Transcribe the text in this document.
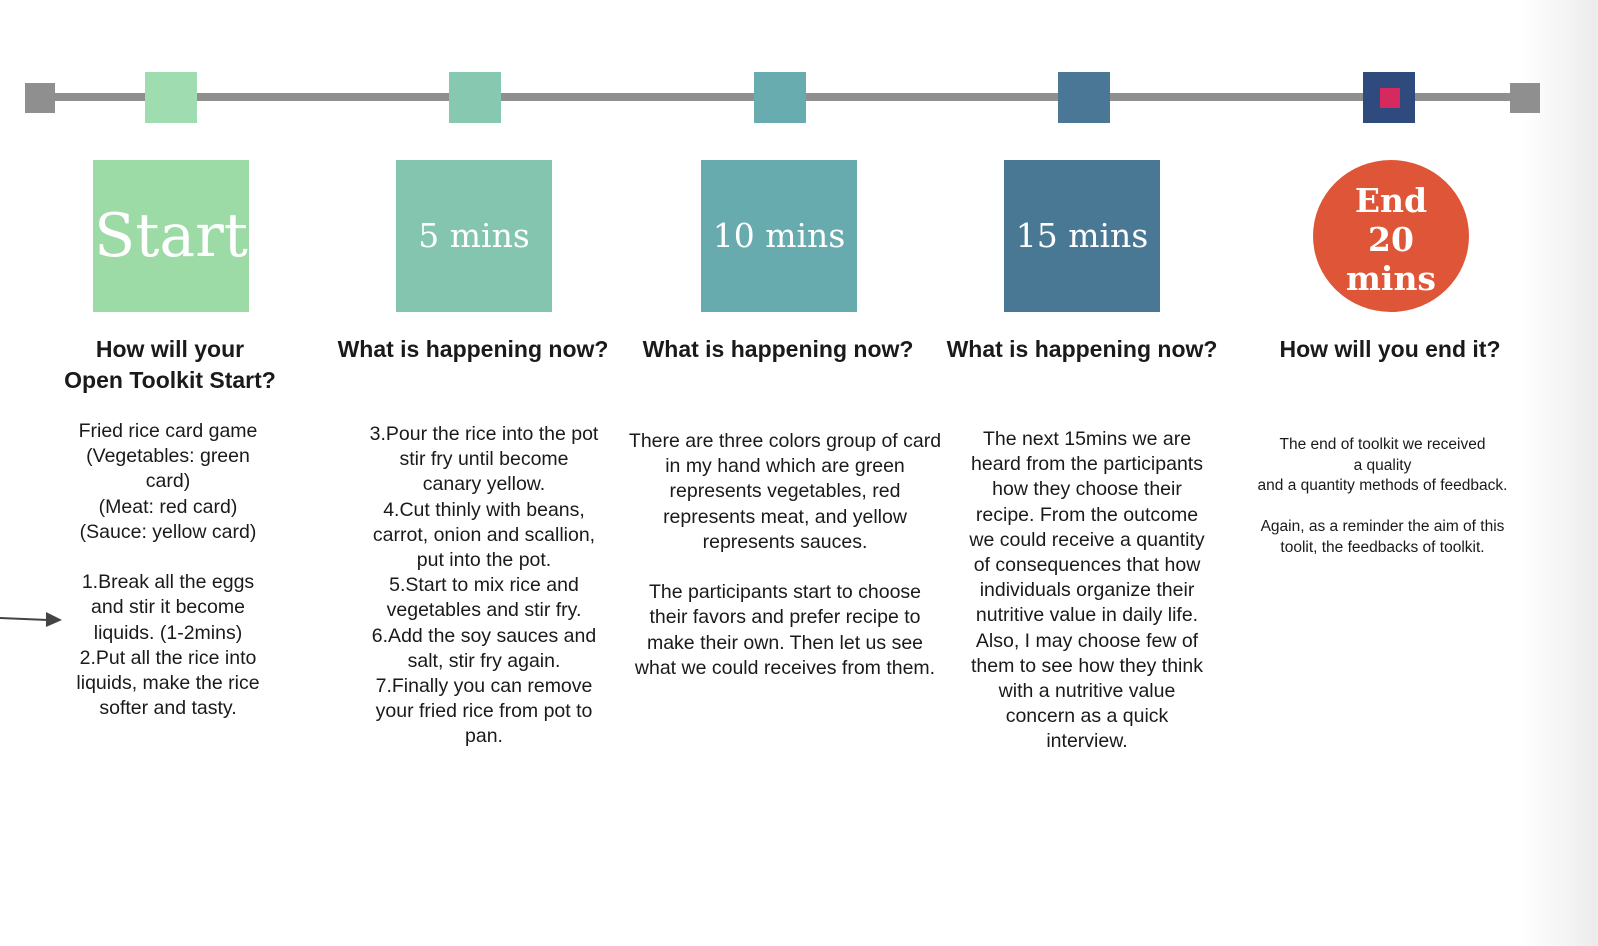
Start	5 mins	10 mins	15 mins
End
20
mins
How will your
Open Toolkit Start?
What is happening now?	What is happening now?	What is happening now?	How will you end it?
Fried rice card game
(Vegetables: green
card)
(Meat: red card)
(Sauce: yellow card)

1.Break all the eggs
and stir it become
liquids. (1-2mins)
2.Put all the rice into
liquids, make the rice
softer and tasty.
3.Pour the rice into the pot
stir fry until become
canary yellow.
4.Cut thinly with beans,
carrot, onion and scallion,
put into the pot.
5.Start to mix rice and
vegetables and stir fry.
6.Add the soy sauces and
salt, stir fry again.
7.Finally you can remove
your fried rice from pot to
pan.
There are three colors group of card
in my hand which are green
represents vegetables, red
represents meat, and yellow
represents sauces.

The participants start to choose
their favors and prefer recipe to
make their own. Then let us see
what we could receives from them.
The next 15mins we are
heard from the participants
how they choose their
recipe. From the outcome
we could receive a quantity
of consequences that how
individuals organize their
nutritive value in daily life.
Also, I may choose few of
them to see how they think
with a nutritive value
concern as a quick
interview.
The end of toolkit we received
a quality
and a quantity methods of feedback.

Again, as a reminder the aim of this
toolit, the feedbacks of toolkit.
